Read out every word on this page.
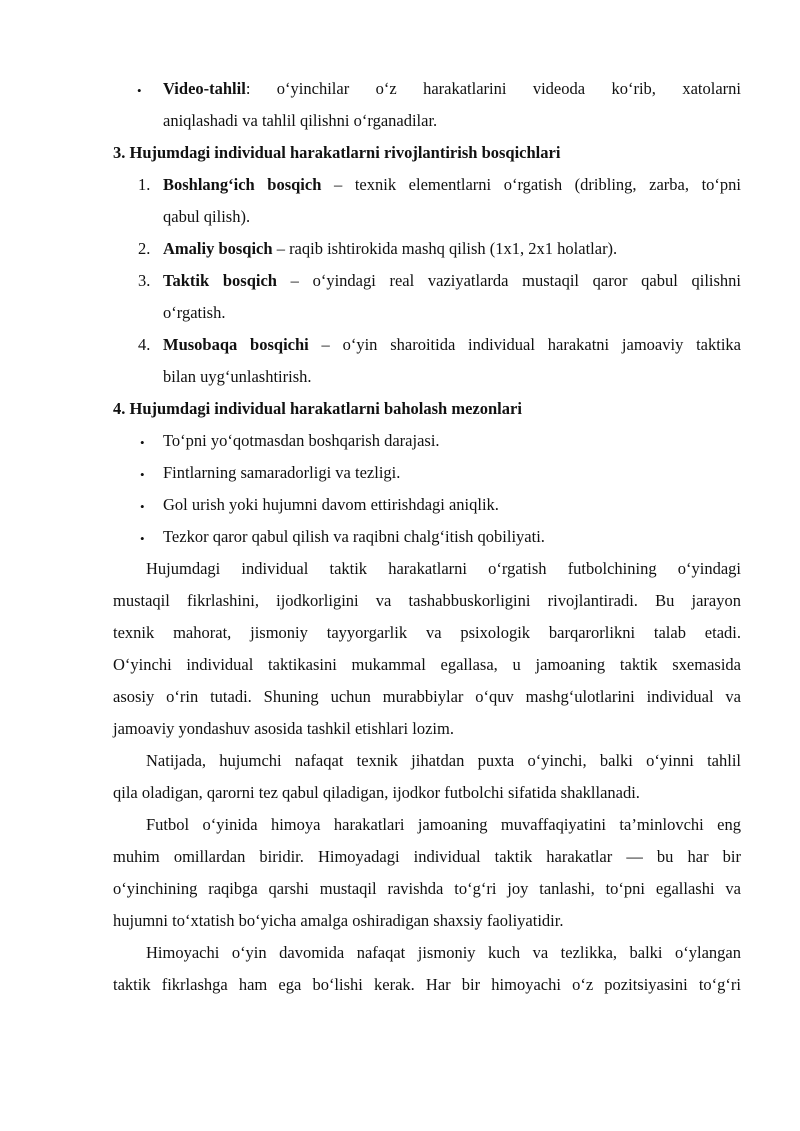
• Video-tahlil: o‘yinchilar o‘z harakatlarini videoda ko‘rib, xatolarni
aniqlashadi va tahlil qilishni o‘rganadilar.
3. Hujumdagi individual harakatlarni rivojlantirish bosqichlari
1. Boshlang‘ich bosqich – texnik elementlarni o‘rgatish (dribling, zarba, to‘pni
qabul qilish).
2. Amaliy bosqich – raqib ishtirokida mashq qilish (1x1, 2x1 holatlar).
3. Taktik bosqich – o‘yindagi real vaziyatlarda mustaqil qaror qabul qilishni
o‘rgatish.
4. Musobaqa bosqichi – o‘yin sharoitida individual harakatni jamoaviy taktika
bilan uyg‘unlashtirish.
4. Hujumdagi individual harakatlarni baholash mezonlari
• To‘pni yo‘qotmasdan boshqarish darajasi.
• Fintlarning samaradorligi va tezligi.
• Gol urish yoki hujumni davom ettirishdagi aniqlik.
• Tezkor qaror qabul qilish va raqibni chalg‘itish qobiliyati.
Hujumdagi individual taktik harakatlarni o‘rgatish futbolchining o‘yindagi
mustaqil fikrlashini, ijodkorligini va tashabbuskorligini rivojlantiradi. Bu jarayon
texnik mahorat, jismoniy tayyorgarlik va psixologik barqarorlikni talab etadi.
O‘yinchi individual taktikasini mukammal egallasa, u jamoaning taktik sxemasida
asosiy o‘rin tutadi. Shuning uchun murabbiylar o‘quv mashg‘ulotlarini individual va
jamoaviy yondashuv asosida tashkil etishlari lozim.
Natijada, hujumchi nafaqat texnik jihatdan puxta o‘yinchi, balki o‘yinni tahlil
qila oladigan, qarorni tez qabul qiladigan, ijodkor futbolchi sifatida shakllanadi.
Futbol o‘yinida himoya harakatlari jamoaning muvaffaqiyatini ta’minlovchi eng
muhim omillardan biridir. Himoyadagi individual taktik harakatlar — bu har bir
o‘yinchining raqibga qarshi mustaqil ravishda to‘g‘ri joy tanlashi, to‘pni egallashi va
hujumni to‘xtatish bo‘yicha amalga oshiradigan shaxsiy faoliyatidir.
Himoyachi o‘yin davomida nafaqat jismoniy kuch va tezlikka, balki o‘ylangan
taktik fikrlashga ham ega bo‘lishi kerak. Har bir himoyachi o‘z pozitsiyasini to‘g‘ri
